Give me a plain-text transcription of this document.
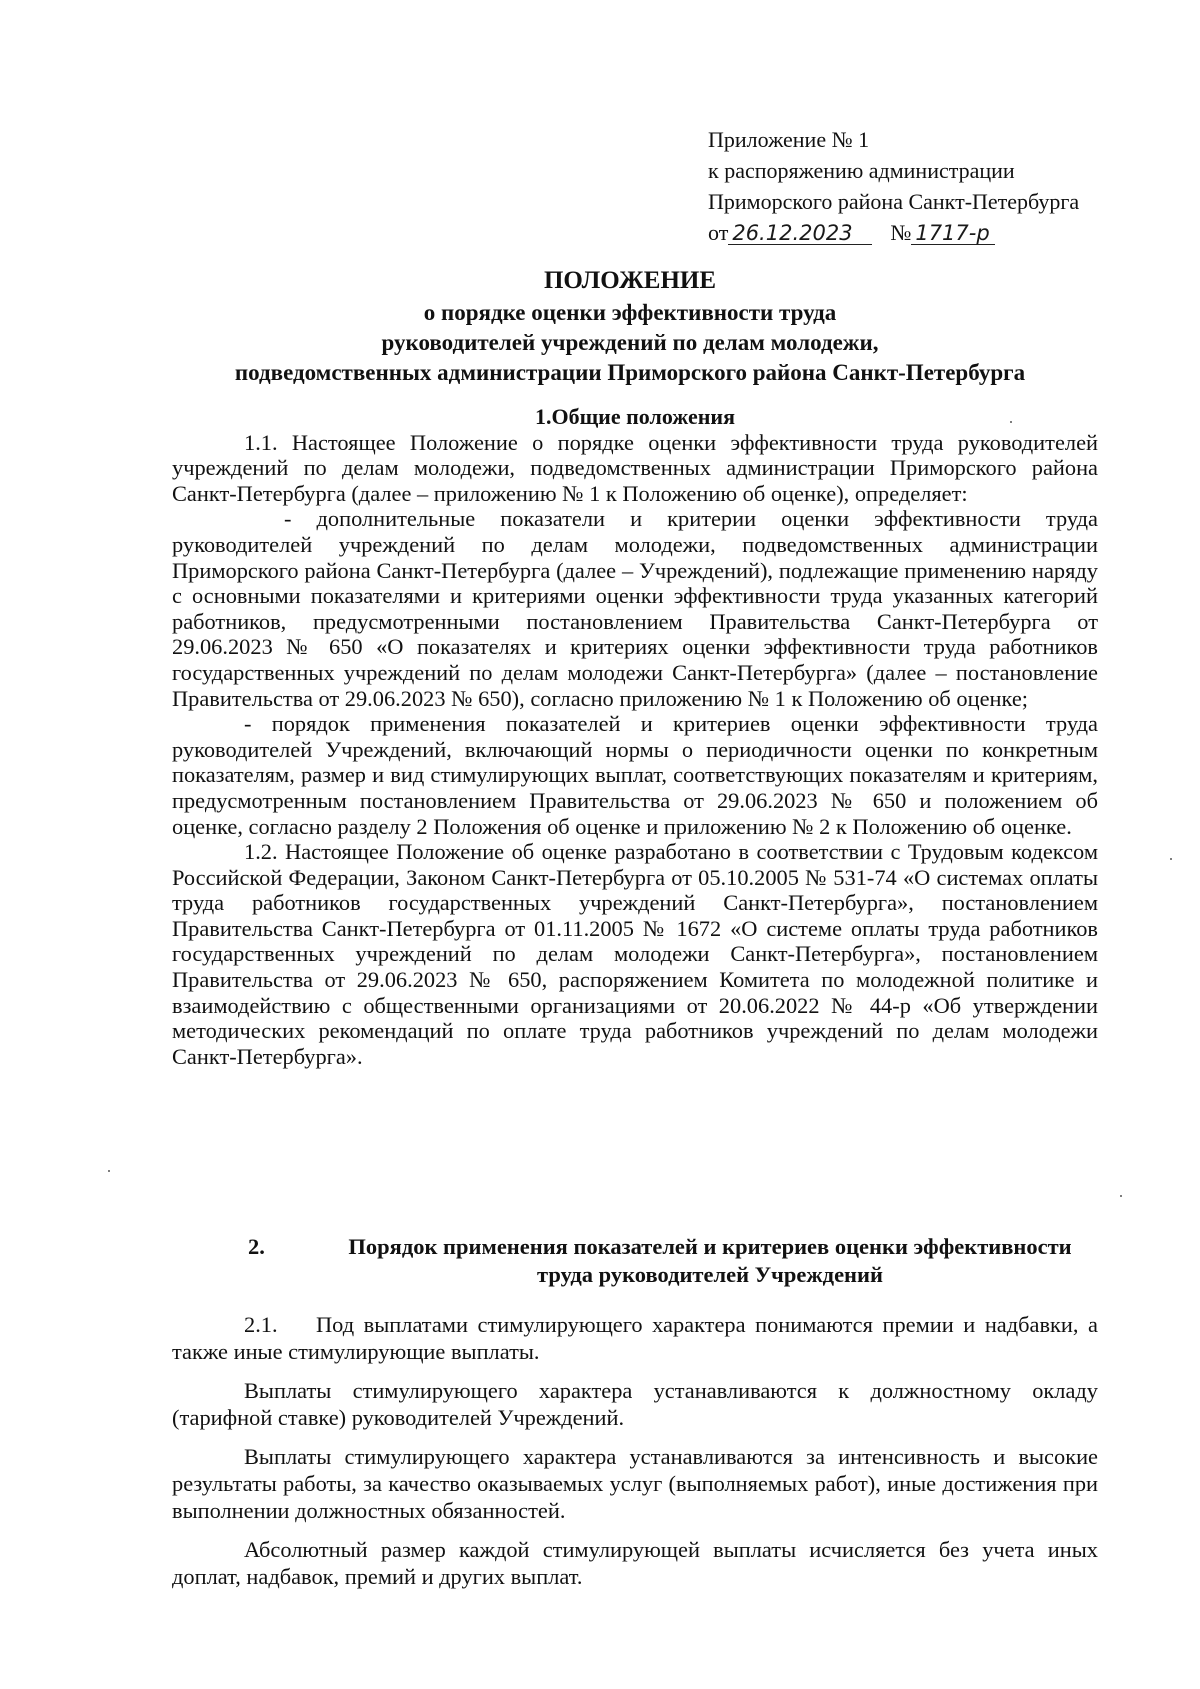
Приложение № 1
к распоряжению администрации
Приморского района Санкт-Петербурга
от 26.12.2023 № 1717-р
ПОЛОЖЕНИЕ
о порядке оценки эффективности труда
руководителей учреждений по делам молодежи,
подведомственных администрации Приморского района Санкт-Петербурга

1.Общие положения

1.1. Настоящее Положение о порядке оценки эффективности труда руководителей учреждений по делам молодежи, подведомственных администрации Приморского района Санкт-Петербурга (далее – приложению № 1 к Положению об оценке), определяет:

- дополнительные показатели и критерии оценки эффективности труда руководителей учреждений по делам молодежи, подведомственных администрации Приморского района Санкт-Петербурга (далее – Учреждений), подлежащие применению наряду с основными показателями и критериями оценки эффективности труда указанных категорий работников, предусмотренными постановлением Правительства Санкт-Петербурга от 29.06.2023 № 650 «О показателях и критериях оценки эффективности труда работников государственных учреждений по делам молодежи Санкт-Петербурга» (далее – постановление Правительства от 29.06.2023 № 650), согласно приложению № 1 к Положению об оценке;

- порядок применения показателей и критериев оценки эффективности труда руководителей Учреждений, включающий нормы о периодичности оценки по конкретным показателям, размер и вид стимулирующих выплат, соответствующих показателям и критериям, предусмотренным постановлением Правительства от 29.06.2023 № 650 и положением об оценке, согласно разделу 2 Положения об оценке и приложению № 2 к Положению об оценке.

1.2. Настоящее Положение об оценке разработано в соответствии с Трудовым кодексом Российской Федерации, Законом Санкт-Петербурга от 05.10.2005 № 531-74 «О системах оплаты труда работников государственных учреждений Санкт-Петербурга», постановлением Правительства Санкт-Петербурга от 01.11.2005 № 1672 «О системе оплаты труда работников государственных учреждений по делам молодежи Санкт-Петербурга», постановлением Правительства от 29.06.2023 № 650, распоряжением Комитета по молодежной политике и взаимодействию с общественными организациями от 20.06.2022 № 44-р «Об утверждении методических рекомендаций по оплате труда работников учреждений по делам молодежи Санкт-Петербурга».

2.	Порядок применения показателей и критериев оценки эффективности
труда руководителей Учреждений

2.1. Под выплатами стимулирующего характера понимаются премии и надбавки, а также иные стимулирующие выплаты.

Выплаты стимулирующего характера устанавливаются к должностному окладу (тарифной ставке) руководителей Учреждений.

Выплаты стимулирующего характера устанавливаются за интенсивность и высокие результаты работы, за качество оказываемых услуг (выполняемых работ), иные достижения при выполнении должностных обязанностей.

Абсолютный размер каждой стимулирующей выплаты исчисляется без учета иных доплат, надбавок, премий и других выплат.
